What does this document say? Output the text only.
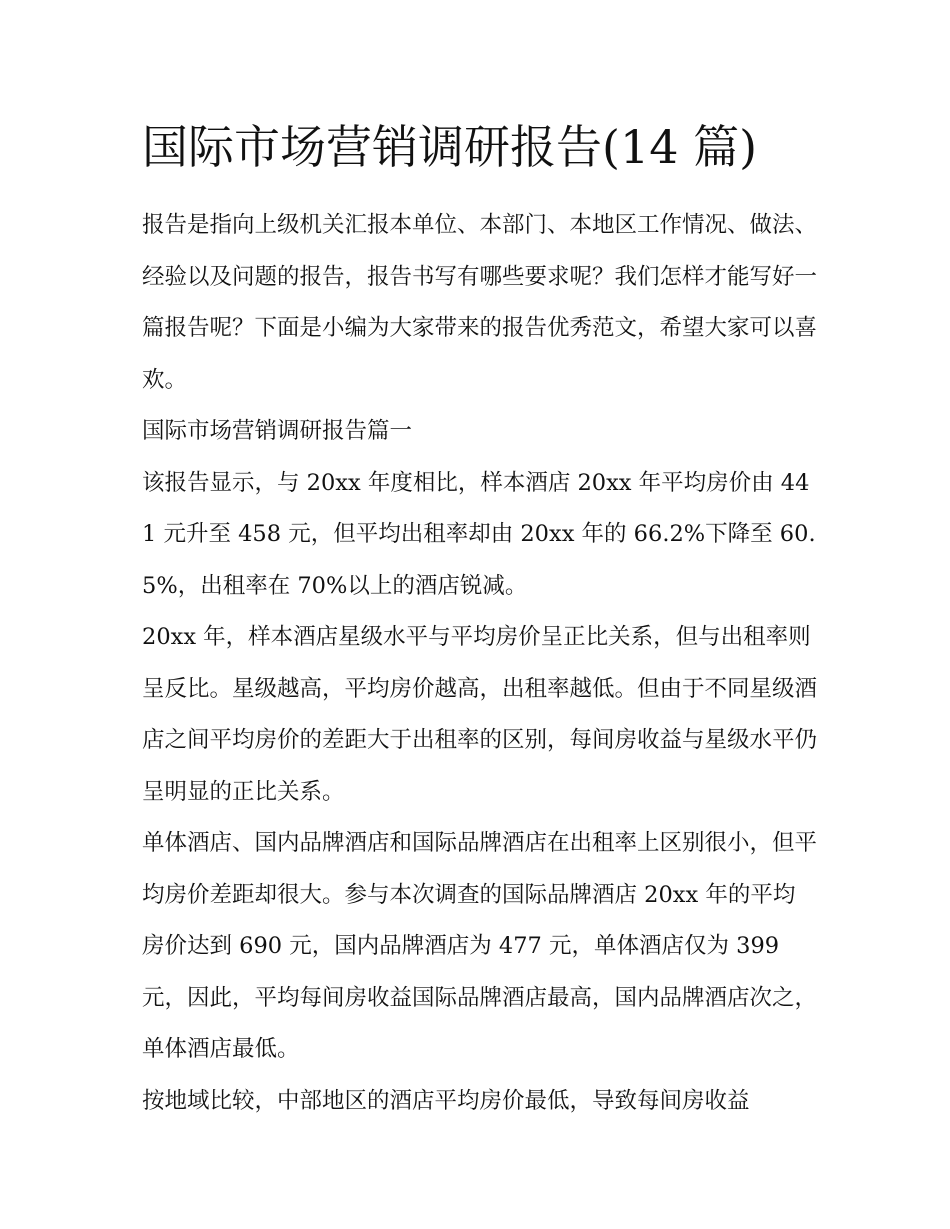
国际市场营销调研报告(14 篇)

报告是指向上级机关汇报本单位、本部门、本地区工作情况、做法、经验以及问题的报告，报告书写有哪些要求呢？我们怎样才能写好一篇报告呢？下面是小编为大家带来的报告优秀范文，希望大家可以喜欢。

国际市场营销调研报告篇一

该报告显示，与 20xx 年度相比，样本酒店 20xx 年平均房价由 441 元升至 458 元，但平均出租率却由 20xx 年的 66.2%下降至 60.5%，出租率在 70%以上的酒店锐减。

20xx 年，样本酒店星级水平与平均房价呈正比关系，但与出租率则呈反比。星级越高，平均房价越高，出租率越低。但由于不同星级酒店之间平均房价的差距大于出租率的区别，每间房收益与星级水平仍呈明显的正比关系。

单体酒店、国内品牌酒店和国际品牌酒店在出租率上区别很小，但平均房价差距却很大。参与本次调查的国际品牌酒店 20xx 年的平均房价达到 690 元，国内品牌酒店为 477 元，单体酒店仅为 399 元，因此，平均每间房收益国际品牌酒店最高，国内品牌酒店次之，单体酒店最低。

按地域比较，中部地区的酒店平均房价最低，导致每间房收益
